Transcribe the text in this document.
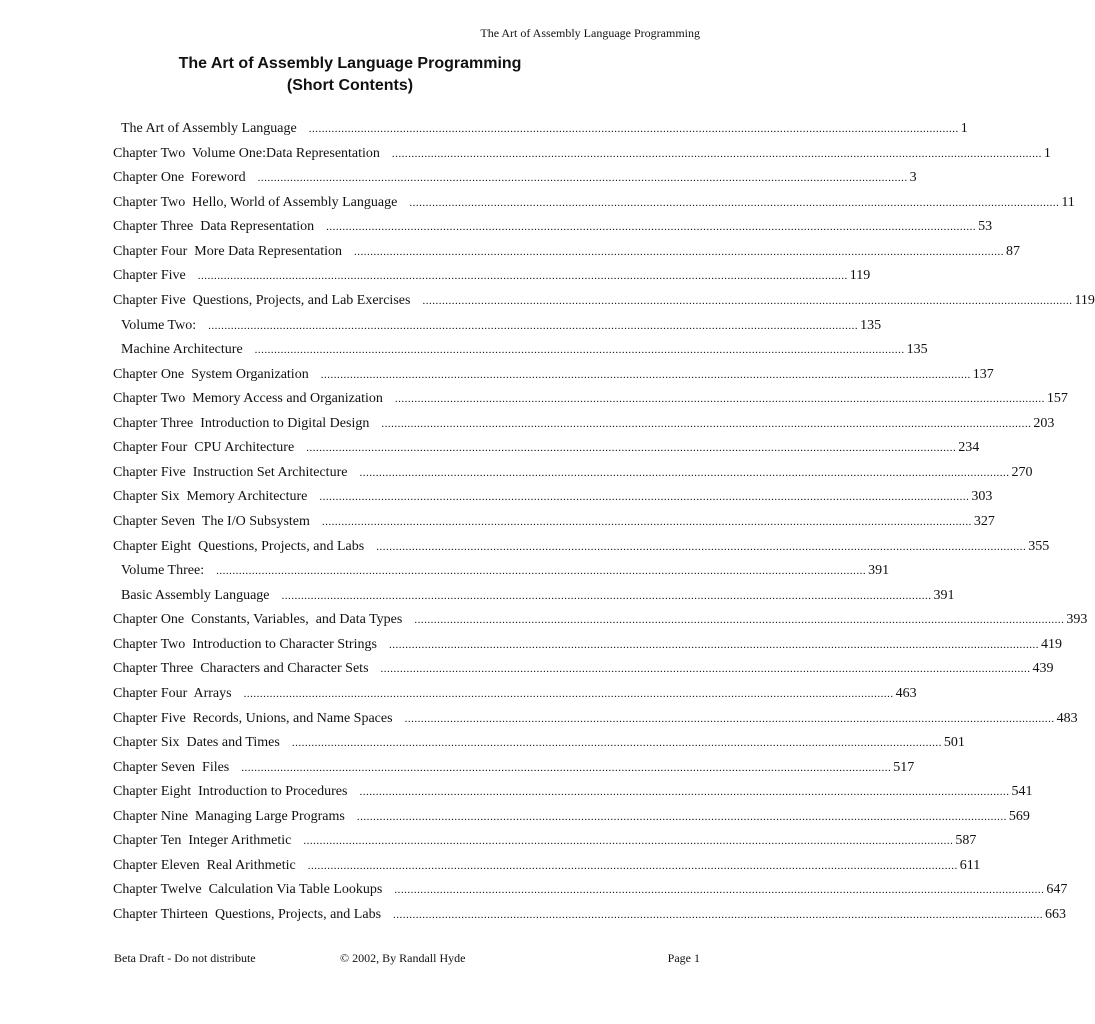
The Art of Assembly Language Programming
The Art of Assembly Language Programming
(Short Contents)
The Art of Assembly Language ........................................................................................................................................................................................................ 1
Chapter Two  Volume One:Data Representation ........................................................................................................................................................................................................ 1
Chapter One  Foreword ........................................................................................................................................................................................................ 3
Chapter Two  Hello, World of Assembly Language ........................................................................................................................................................................................................ 11
Chapter Three  Data Representation ........................................................................................................................................................................................................ 53
Chapter Four  More Data Representation ........................................................................................................................................................................................................ 87
Chapter Five ........................................................................................................................................................................................................ 119
Chapter Five  Questions, Projects, and Lab Exercises ........................................................................................................................................................................................................ 119
Volume Two: ........................................................................................................................................................................................................ 135
Machine Architecture ........................................................................................................................................................................................................ 135
Chapter One  System Organization ........................................................................................................................................................................................................ 137
Chapter Two  Memory Access and Organization ........................................................................................................................................................................................................ 157
Chapter Three  Introduction to Digital Design ........................................................................................................................................................................................................ 203
Chapter Four  CPU Architecture ........................................................................................................................................................................................................ 234
Chapter Five  Instruction Set Architecture ........................................................................................................................................................................................................ 270
Chapter Six  Memory Architecture ........................................................................................................................................................................................................ 303
Chapter Seven  The I/O Subsystem ........................................................................................................................................................................................................ 327
Chapter Eight  Questions, Projects, and Labs ........................................................................................................................................................................................................ 355
Volume Three: ........................................................................................................................................................................................................ 391
Basic Assembly Language ........................................................................................................................................................................................................ 391
Chapter One  Constants, Variables,  and Data Types ........................................................................................................................................................................................................ 393
Chapter Two  Introduction to Character Strings ........................................................................................................................................................................................................ 419
Chapter Three  Characters and Character Sets ........................................................................................................................................................................................................ 439
Chapter Four  Arrays ........................................................................................................................................................................................................ 463
Chapter Five  Records, Unions, and Name Spaces ........................................................................................................................................................................................................ 483
Chapter Six  Dates and Times ........................................................................................................................................................................................................ 501
Chapter Seven  Files ........................................................................................................................................................................................................ 517
Chapter Eight  Introduction to Procedures ........................................................................................................................................................................................................ 541
Chapter Nine  Managing Large Programs ........................................................................................................................................................................................................ 569
Chapter Ten  Integer Arithmetic ........................................................................................................................................................................................................ 587
Chapter Eleven  Real Arithmetic ........................................................................................................................................................................................................ 611
Chapter Twelve  Calculation Via Table Lookups ........................................................................................................................................................................................................ 647
Chapter Thirteen  Questions, Projects, and Labs ........................................................................................................................................................................................................ 663
Beta Draft - Do not distribute	© 2002, By Randall Hyde	Page 1
